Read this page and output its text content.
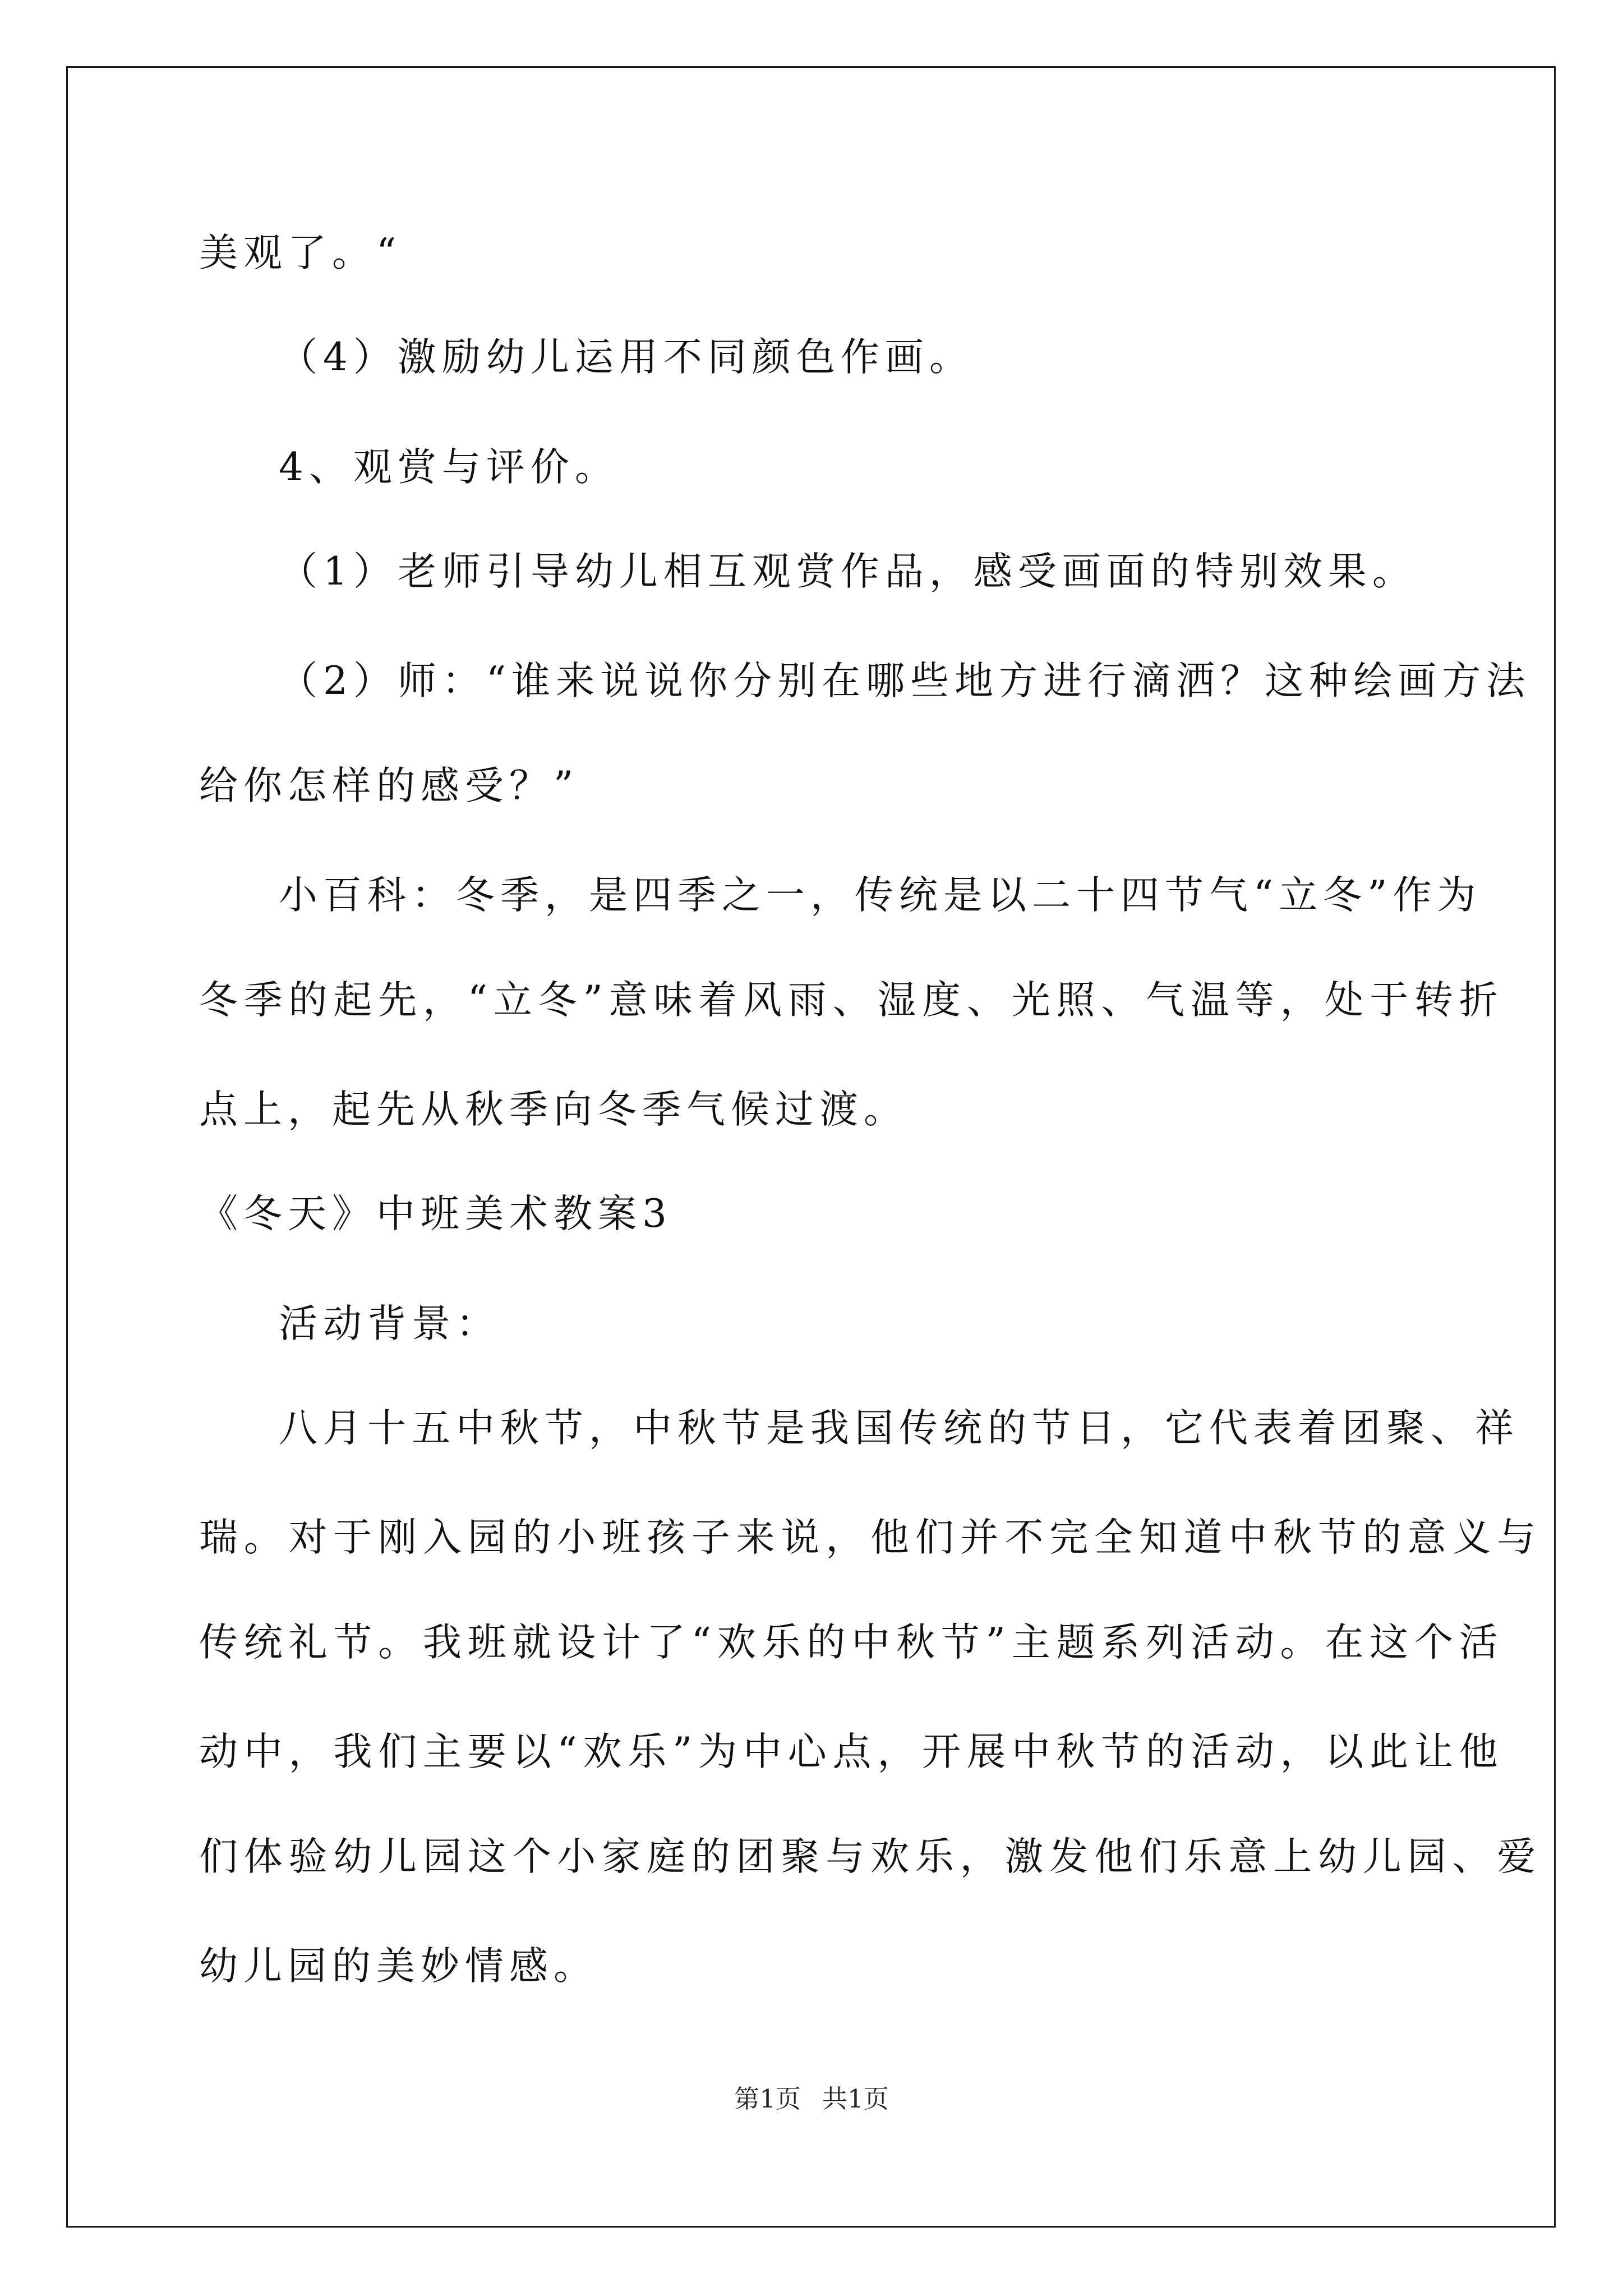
美观了。“
（4）激励幼儿运用不同颜色作画。
4、观赏与评价。
（1）老师引导幼儿相互观赏作品，感受画面的特别效果。
（2）师：“谁来说说你分别在哪些地方进行滴洒？这种绘画方法
给你怎样的感受？”
小百科：冬季，是四季之一，传统是以二十四节气“立冬”作为
冬季的起先，“立冬”意味着风雨、湿度、光照、气温等，处于转折
点上，起先从秋季向冬季气候过渡。
《冬天》中班美术教案3
活动背景：
八月十五中秋节，中秋节是我国传统的节日，它代表着团聚、祥
瑞。对于刚入园的小班孩子来说，他们并不完全知道中秋节的意义与
传统礼节。我班就设计了“欢乐的中秋节”主题系列活动。在这个活
动中，我们主要以“欢乐”为中心点，开展中秋节的活动，以此让他
们体验幼儿园这个小家庭的团聚与欢乐，激发他们乐意上幼儿园、爱
幼儿园的美妙情感。
第1页 共1页
